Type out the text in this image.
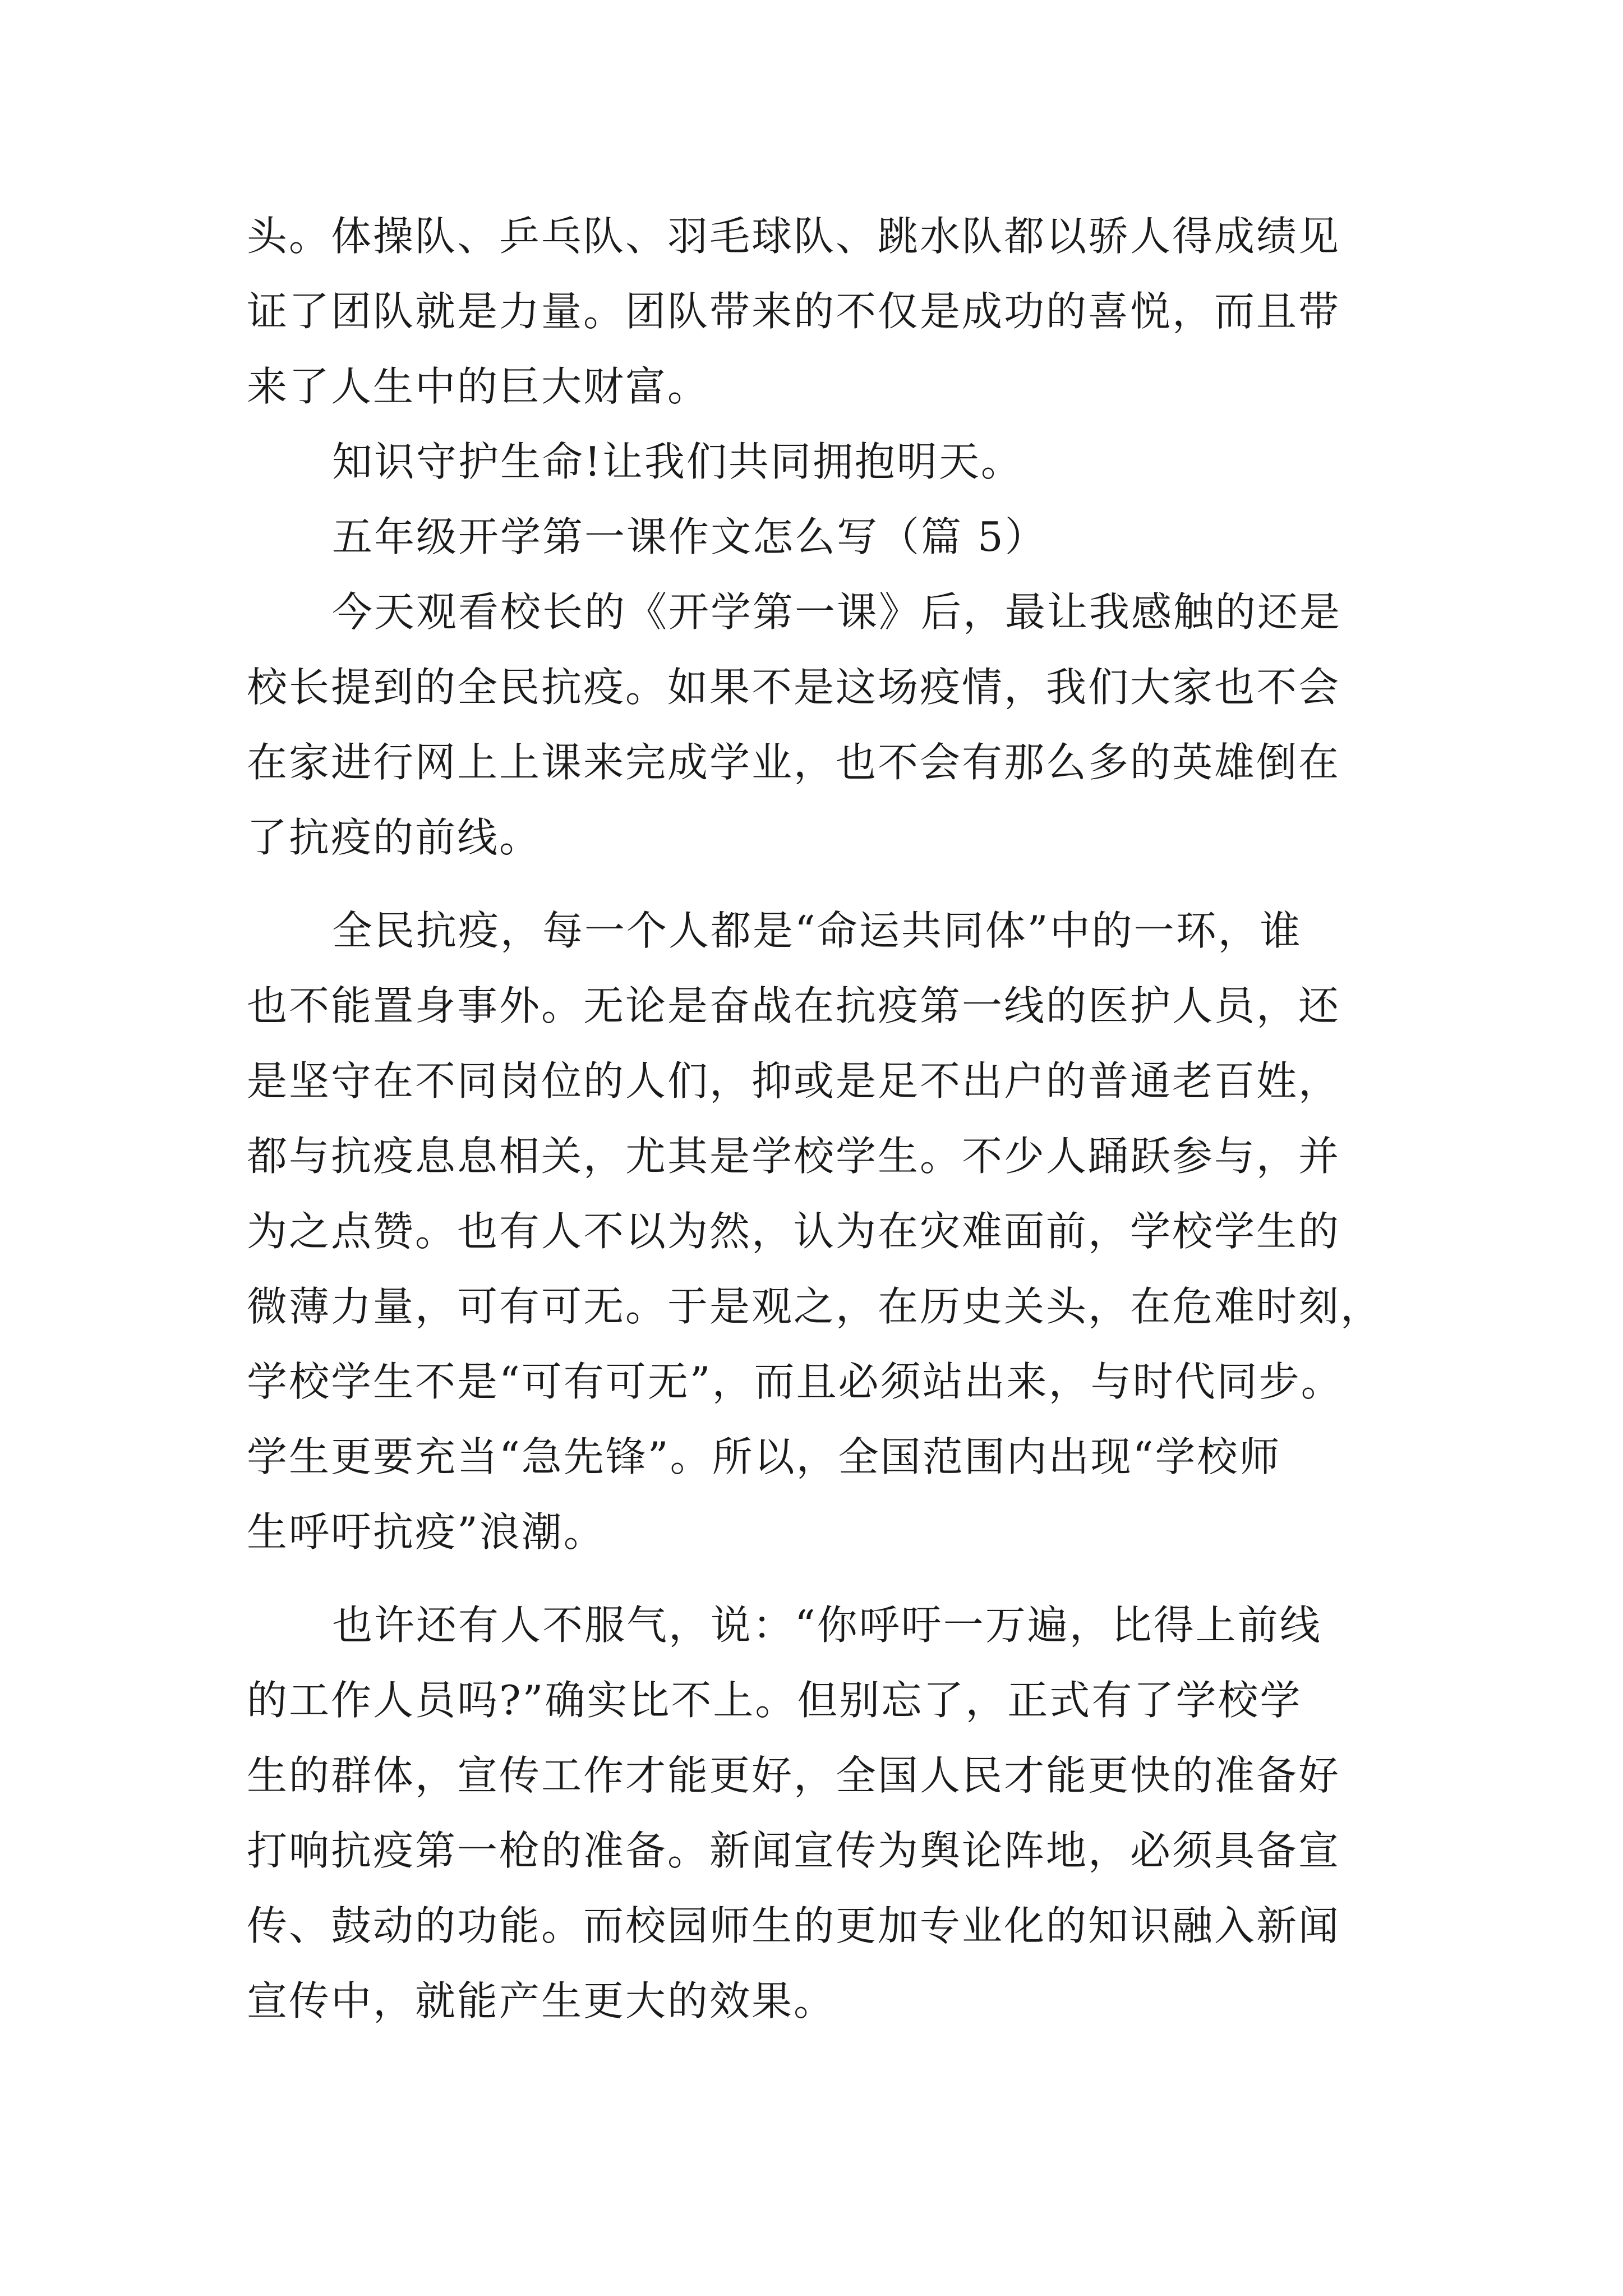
头。体操队、乒乓队、羽毛球队、跳水队都以骄人得成绩见
证了团队就是力量。团队带来的不仅是成功的喜悦，而且带
来了人生中的巨大财富。
知识守护生命!让我们共同拥抱明天。
五年级开学第一课作文怎么写（篇 5）
今天观看校长的《开学第一课》后，最让我感触的还是
校长提到的全民抗疫。如果不是这场疫情，我们大家也不会
在家进行网上上课来完成学业，也不会有那么多的英雄倒在
了抗疫的前线。
全民抗疫，每一个人都是“命运共同体”中的一环，谁
也不能置身事外。无论是奋战在抗疫第一线的医护人员，还
是坚守在不同岗位的人们，抑或是足不出户的普通老百姓，
都与抗疫息息相关，尤其是学校学生。不少人踊跃参与，并
为之点赞。也有人不以为然，认为在灾难面前，学校学生的
微薄力量，可有可无。于是观之，在历史关头，在危难时刻，
学校学生不是“可有可无”，而且必须站出来，与时代同步。
学生更要充当“急先锋”。所以，全国范围内出现“学校师
生呼吁抗疫”浪潮。
也许还有人不服气，说：“你呼吁一万遍，比得上前线
的工作人员吗?”确实比不上。但别忘了，正式有了学校学
生的群体，宣传工作才能更好，全国人民才能更快的准备好
打响抗疫第一枪的准备。新闻宣传为舆论阵地，必须具备宣
传、鼓动的功能。而校园师生的更加专业化的知识融入新闻
宣传中，就能产生更大的效果。
